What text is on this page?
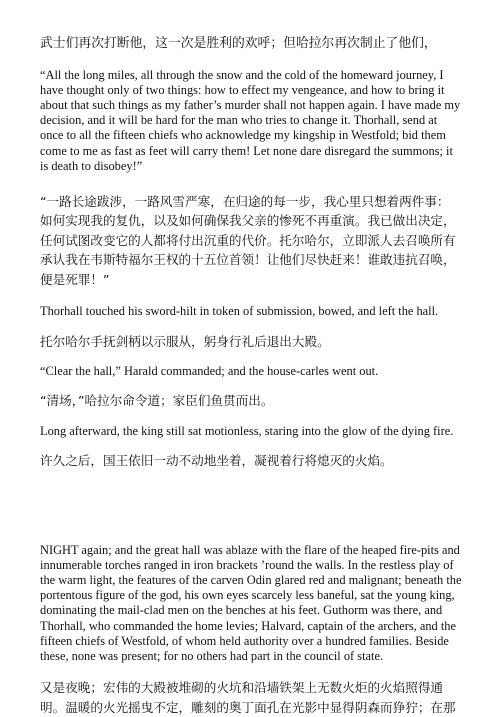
武士们再次打断他，这一次是胜利的欢呼；但哈拉尔再次制止了他们，

“All the long miles, all through the snow and the cold of the homeward journey, I have thought only of two things: how to effect my vengeance, and how to bring it about that such things as my father’s murder shall not happen again. I have made my decision, and it will be hard for the man who tries to change it. Thorhall, send at once to all the fifteen chiefs who acknowledge my kingship in Westfold; bid them come to me as fast as feet will carry them! Let none dare disregard the summons; it is death to disobey!”

“一路长途跋涉，一路风雪严寒，在归途的每一步，我心里只想着两件事：如何实现我的复仇，以及如何确保我父亲的惨死不再重演。我已做出决定，任何试图改变它的人都将付出沉重的代价。托尔哈尔，立即派人去召唤所有承认我在韦斯特福尔王权的十五位首领！让他们尽快赶来！谁敢违抗召唤，便是死罪！”

Thorhall touched his sword-hilt in token of submission, bowed, and left the hall.

托尔哈尔手抚剑柄以示服从，躬身行礼后退出大殿。

“Clear the hall,” Harald commanded; and the house-carles went out.

“清场，”哈拉尔命令道；家臣们鱼贯而出。

Long afterward, the king still sat motionless, staring into the glow of the dying fire.

许久之后，国王依旧一动不动地坐着，凝视着行将熄灭的火焰。

NIGHT again; and the great hall was ablaze with the flare of the heaped fire-pits and innumerable torches ranged in iron brackets ’round the walls. In the restless play of the warm light, the features of the carven Odin glared red and malignant; beneath the portentous figure of the god, his own eyes scarcely less baneful, sat the young king, dominating the mail-clad men on the benches at his feet. Guthorm was there, and Thorhall, who commanded the home levies; Halvard, captain of the archers, and the fifteen chiefs of Westfold, of whom held authority over a hundred families. Beside these, none was present; for no others had part in the council of state.

又是夜晚；宏伟的大殿被堆砌的火坑和沿墙铁架上无数火炬的火焰照得通明。温暖的火光摇曳不定，雕刻的奥丁面孔在光影中显得阴森而狰狞；在那
